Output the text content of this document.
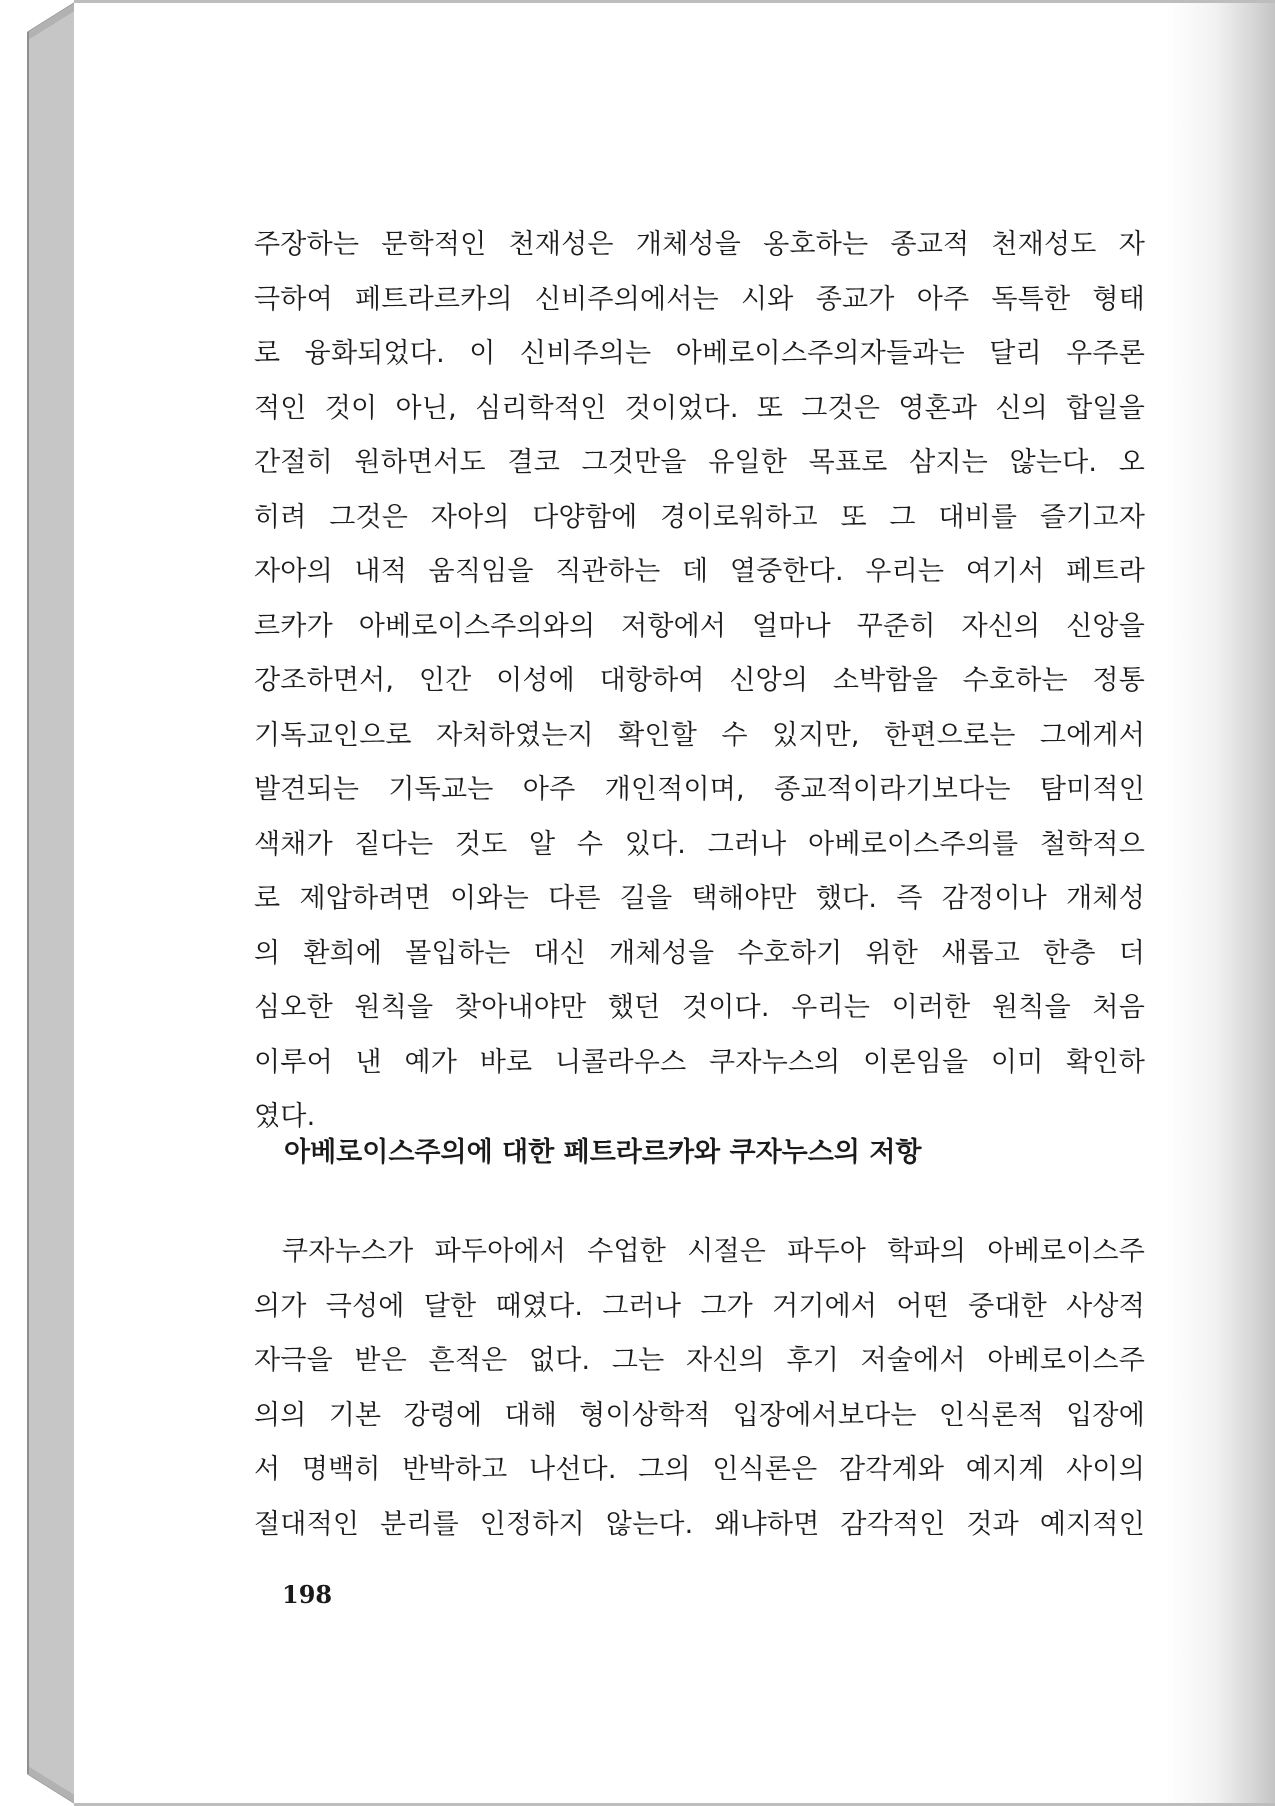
주장하는 문학적인 천재성은 개체성을 옹호하는 종교적 천재성도 자
극하여 페트라르카의 신비주의에서는 시와 종교가 아주 독특한 형태
로 융화되었다. 이 신비주의는 아베로이스주의자들과는 달리 우주론
적인 것이 아닌, 심리학적인 것이었다. 또 그것은 영혼과 신의 합일을
간절히 원하면서도 결코 그것만을 유일한 목표로 삼지는 않는다. 오
히려 그것은 자아의 다양함에 경이로워하고 또 그 대비를 즐기고자
자아의 내적 움직임을 직관하는 데 열중한다. 우리는 여기서 페트라
르카가 아베로이스주의와의 저항에서 얼마나 꾸준히 자신의 신앙을
강조하면서, 인간 이성에 대항하여 신앙의 소박함을 수호하는 정통
기독교인으로 자처하였는지 확인할 수 있지만, 한편으로는 그에게서
발견되는 기독교는 아주 개인적이며, 종교적이라기보다는 탐미적인
색채가 짙다는 것도 알 수 있다. 그러나 아베로이스주의를 철학적으
로 제압하려면 이와는 다른 길을 택해야만 했다. 즉 감정이나 개체성
의 환희에 몰입하는 대신 개체성을 수호하기 위한 새롭고 한층 더
심오한 원칙을 찾아내야만 했던 것이다. 우리는 이러한 원칙을 처음
이루어 낸 예가 바로 니콜라우스 쿠자누스의 이론임을 이미 확인하
였다.
아베로이스주의에 대한 페트라르카와 쿠자누스의 저항
쿠자누스가 파두아에서 수업한 시절은 파두아 학파의 아베로이스주
의가 극성에 달한 때였다. 그러나 그가 거기에서 어떤 중대한 사상적
자극을 받은 흔적은 없다. 그는 자신의 후기 저술에서 아베로이스주
의의 기본 강령에 대해 형이상학적 입장에서보다는 인식론적 입장에
서 명백히 반박하고 나선다. 그의 인식론은 감각계와 예지계 사이의
절대적인 분리를 인정하지 않는다. 왜냐하면 감각적인 것과 예지적인

198
